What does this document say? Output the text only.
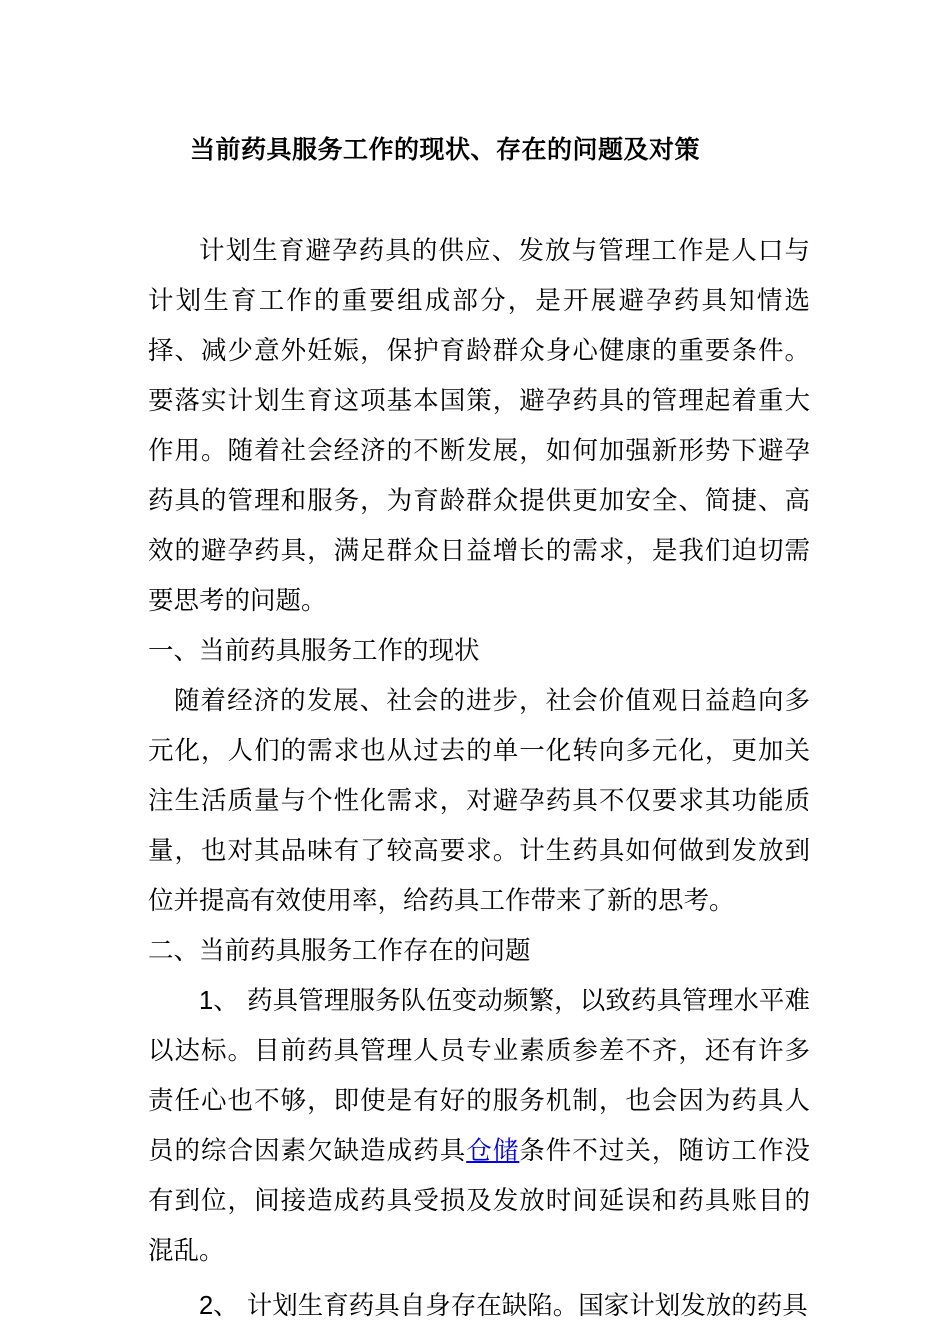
当前药具服务工作的现状、存在的问题及对策

计划生育避孕药具的供应、发放与管理工作是人口与计划生育工作的重要组成部分，是开展避孕药具知情选择、减少意外妊娠，保护育龄群众身心健康的重要条件。要落实计划生育这项基本国策，避孕药具的管理起着重大作用。随着社会经济的不断发展，如何加强新形势下避孕药具的管理和服务，为育龄群众提供更加安全、简捷、高效的避孕药具，满足群众日益增长的需求，是我们迫切需要思考的问题。

一、当前药具服务工作的现状

随着经济的发展、社会的进步，社会价值观日益趋向多元化，人们的需求也从过去的单一化转向多元化，更加关注生活质量与个性化需求，对避孕药具不仅要求其功能质量，也对其品味有了较高要求。计生药具如何做到发放到位并提高有效使用率，给药具工作带来了新的思考。

二、当前药具服务工作存在的问题

1、 药具管理服务队伍变动频繁，以致药具管理水平难以达标。目前药具管理人员专业素质参差不齐，还有许多责任心也不够，即使是有好的服务机制，也会因为药具人员的综合因素欠缺造成药具仓储条件不过关，随访工作没有到位，间接造成药具受损及发放时间延误和药具账目的混乱。

2、 计划生育药具自身存在缺陷。国家计划发放的药具
